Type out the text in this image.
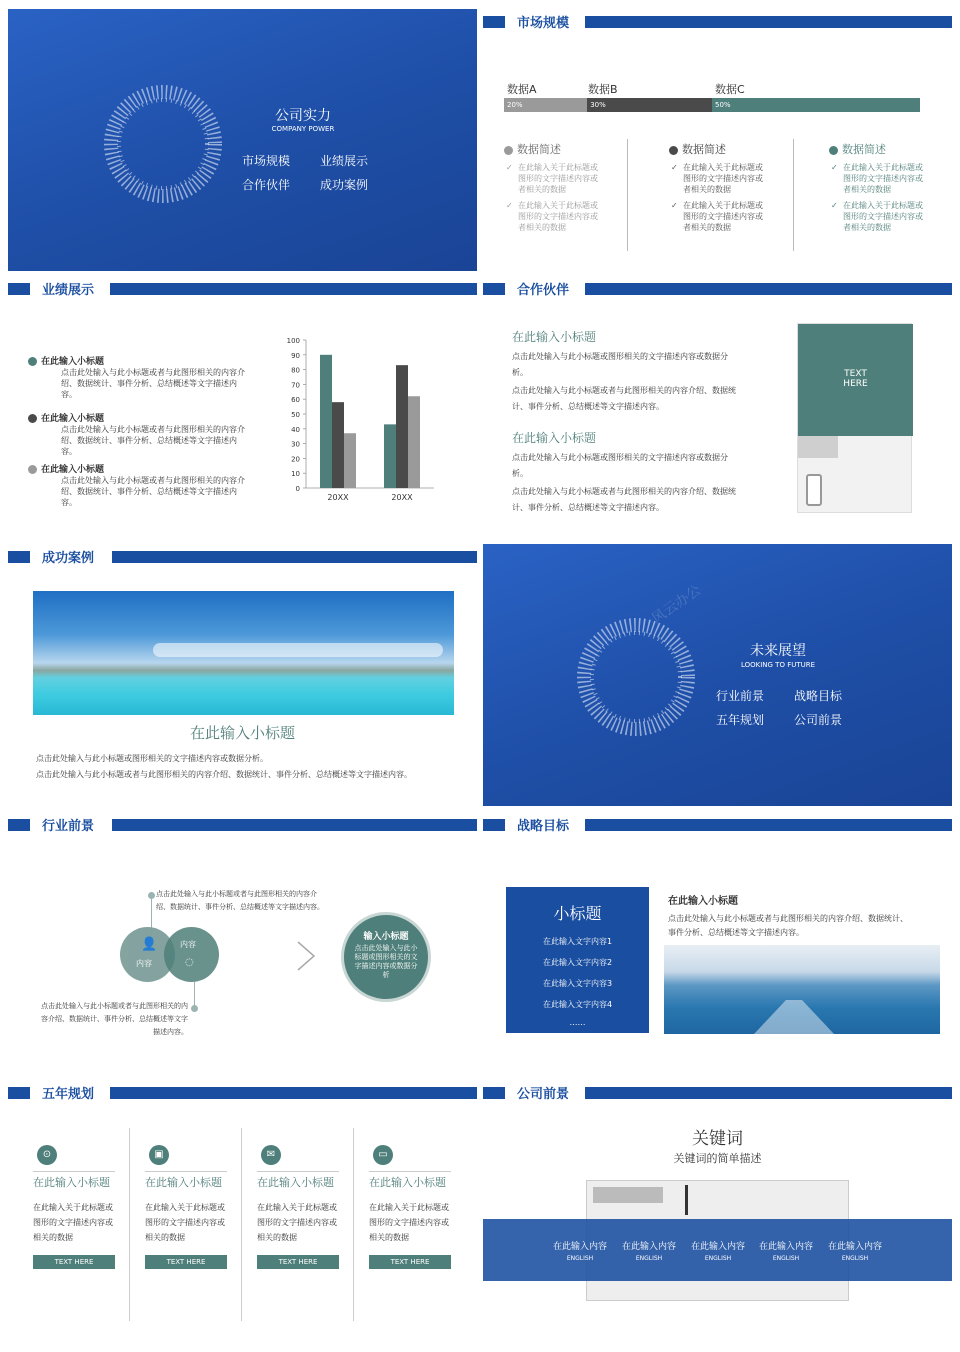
公司实力
COMPANY POWER
市场规模 业绩展示
合作伙伴 成功案例
市场规模
数据A	数据B	数据C
20%	30%	50%
数据简述
✓ 在此输入关于此标题或图形的文字描述内容或者相关的数据
✓ 在此输入关于此标题或图形的文字描述内容或者相关的数据
数据简述
✓ 在此输入关于此标题或图形的文字描述内容或者相关的数据
✓ 在此输入关于此标题或图形的文字描述内容或者相关的数据
数据简述
✓ 在此输入关于此标题或图形的文字描述内容或者相关的数据
✓ 在此输入关于此标题或图形的文字描述内容或者相关的数据
业绩展示
在此输入小标题
点击此处输入与此小标题或者与此图形相关的内容介绍、数据统计、事件分析、总结概述等文字描述内容。
在此输入小标题
点击此处输入与此小标题或者与此图形相关的内容介绍、数据统计、事件分析、总结概述等文字描述内容。
在此输入小标题
点击此处输入与此小标题或者与此图形相关的内容介绍、数据统计、事件分析、总结概述等文字描述内容。
0
10
20
30
40
50
60
70
80
90
100
20XX	20XX
合作伙伴
在此输入小标题
点击此处输入与此小标题或图形相关的文字描述内容或数据分析。
点击此处输入与此小标题或者与此图形相关的内容介绍、数据统计、事件分析、总结概述等文字描述内容。
在此输入小标题
点击此处输入与此小标题或图形相关的文字描述内容或数据分析。
点击此处输入与此小标题或者与此图形相关的内容介绍、数据统计、事件分析、总结概述等文字描述内容。
TEXT
HERE
成功案例
在此输入小标题
点击此处输入与此小标题或图形相关的文字描述内容或数据分析。
点击此处输入与此小标题或者与此图形相关的内容介绍、数据统计、事件分析、总结概述等文字描述内容。
未来展望
LOOKING TO FUTURE
行业前景 战略目标
五年规划 公司前景
风云办公
行业前景
点击此处输入与此小标题或者与此图形相关的内容介绍、数据统计、事件分析、总结概述等文字描述内容。
👤
内容
内容
◌
点击此处输入与此小标题或者与此图形相关的内容介绍、数据统计、事件分析、总结概述等文字描述内容。
输入小标题
点击此处输入与此小标题或图形相关的文字描述内容或数据分析
战略目标
小标题
在此输入文字内容1
在此输入文字内容2
在此输入文字内容3
在此输入文字内容4
……
在此输入小标题
点击此处输入与此小标题或者与此图形相关的内容介绍、数据统计、事件分析、总结概述等文字描述内容。
五年规划
⊙
在此输入小标题
在此输入关于此标题或图形的文字描述内容或相关的数据
TEXT HERE
▣
在此输入小标题
在此输入关于此标题或图形的文字描述内容或相关的数据
TEXT HERE
✉
在此输入小标题
在此输入关于此标题或图形的文字描述内容或相关的数据
TEXT HERE
▭
在此输入小标题
在此输入关于此标题或图形的文字描述内容或相关的数据
TEXT HERE
公司前景
关键词
关键词的简单描述
在此输入内容
ENGLISH
在此输入内容
ENGLISH
在此输入内容
ENGLISH
在此输入内容
ENGLISH
在此输入内容
ENGLISH
